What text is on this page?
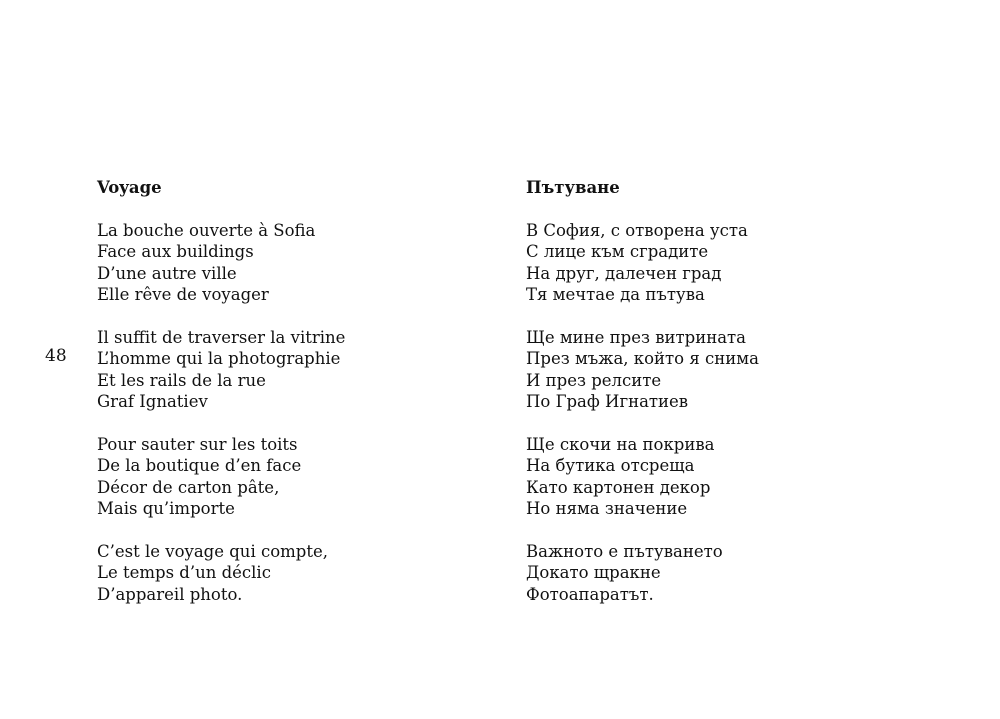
48
Voyage
La bouche ouverte à Sofia
Face aux buildings
D’une autre ville
Elle rêve de voyager
Il suffit de traverser la vitrine
L’homme qui la photographie
Et les rails de la rue
Graf Ignatiev
Pour sauter sur les toits
De la boutique d’en face
Décor de carton pâte,
Mais qu’importe
C’est le voyage qui compte,
Le temps d’un déclic
D’appareil photo.
Пътуване
В София, с отворена уста
С лице към сградите
На друг, далечен град
Тя мечтае да пътува
Ще мине през витрината
През мъжа, който я снима
И през релсите
По Граф Игнатиев
Ще скочи на покрива
На бутика отсреща
Като картонен декор
Но няма значение
Важното е пътуването
Докато щракне
Фотоапаратът.
